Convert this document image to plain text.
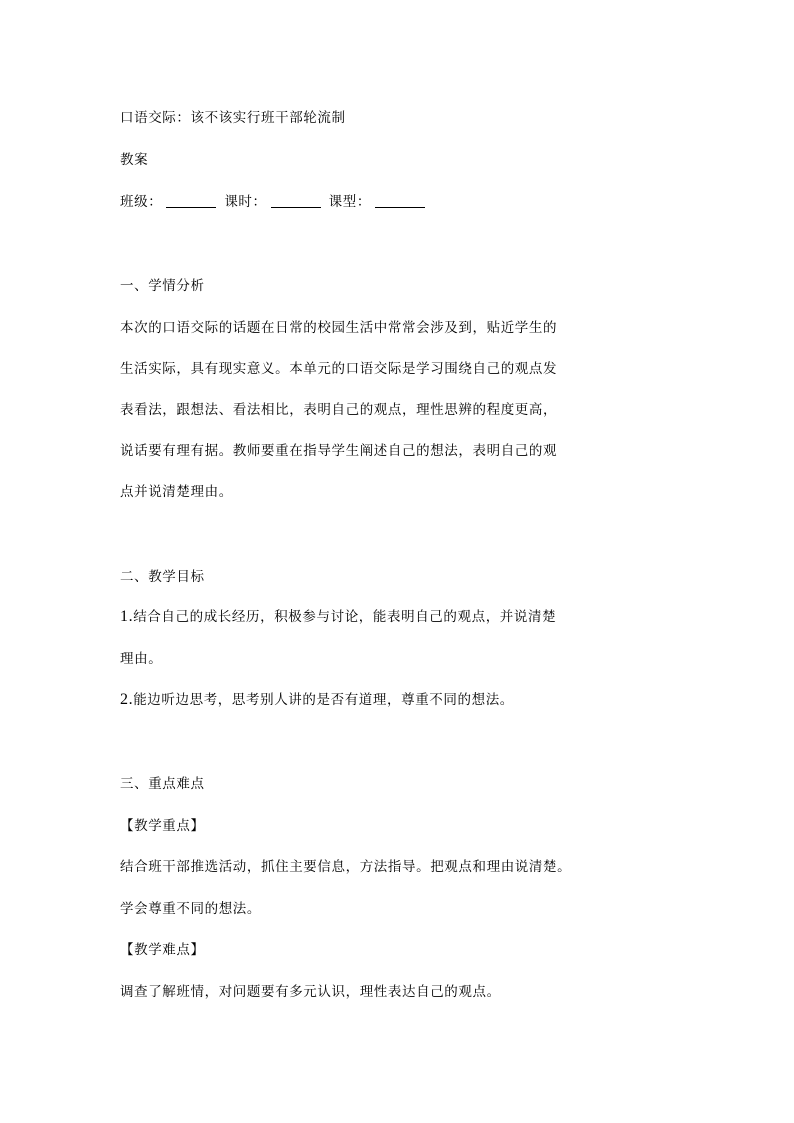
口语交际：该不该实行班干部轮流制
教案
班级：	课时：	课型：
一、学情分析
本次的口语交际的话题在日常的校园生活中常常会涉及到，贴近学生的
生活实际，具有现实意义。本单元的口语交际是学习围绕自己的观点发
表看法，跟想法、看法相比，表明自己的观点，理性思辨的程度更高，
说话要有理有据。教师要重在指导学生阐述自己的想法，表明自己的观
点并说清楚理由。
二、教学目标
1.结合自己的成长经历，积极参与讨论，能表明自己的观点，并说清楚
理由。
2.能边听边思考，思考别人讲的是否有道理，尊重不同的想法。
三、重点难点
【教学重点】
结合班干部推选活动，抓住主要信息，方法指导。把观点和理由说清楚。
学会尊重不同的想法。
【教学难点】
调查了解班情，对问题要有多元认识，理性表达自己的观点。
